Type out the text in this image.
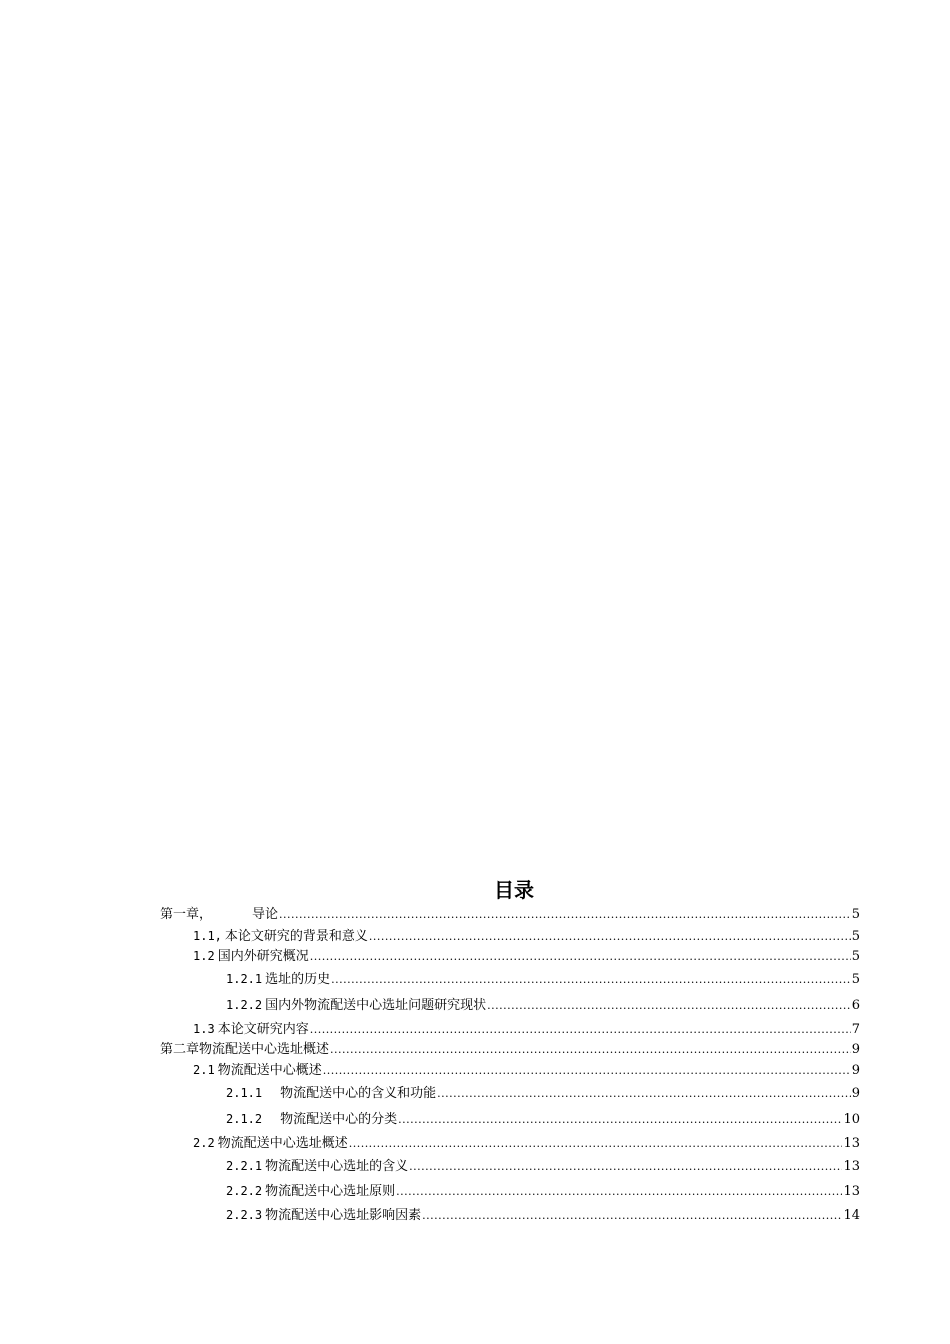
目录
第一章，	导论 .....	5
1.1, 本论文研究的背景和意义 .....	5
1.2 国内外研究概况 .....	5
1.2.1 选址的历史 .....	5
1.2.2 国内外物流配送中心选址问题研究现状 .....	6
1.3 本论文研究内容 .....	7
第二章物流配送中心选址概述 .....	9
2.1 物流配送中心概述 .....	9
2.1.1 物流配送中心的含义和功能 .....	9
2.1.2 物流配送中心的分类 .....	10
2.2 物流配送中心选址概述 .....	13
2.2.1 物流配送中心选址的含义 .....	13
2.2.2 物流配送中心选址原则 .....	13
2.2.3 物流配送中心选址影响因素 .....	14
